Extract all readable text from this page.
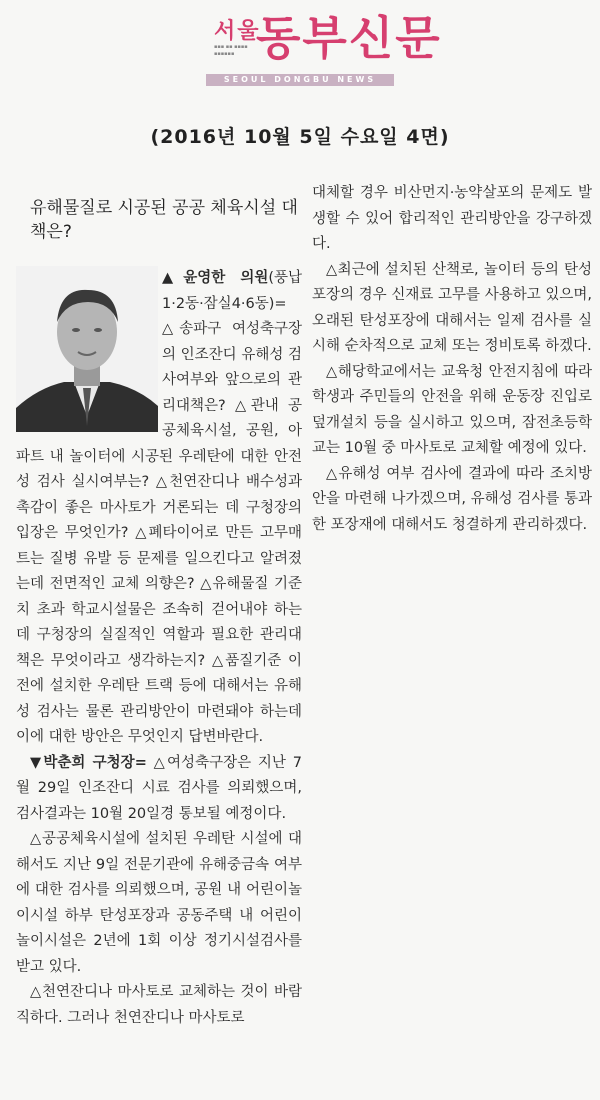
서울
동부신문
▪▪▪ ▪▪ ▪▪▪▪
▪▪▪▪▪▪
SEOUL DONGBU NEWS
(2016년 10월 5일 수요일 4면)
유해물질로 시공된 공공 체육시설 대책은?

▲윤영한 의원(풍납1·2동·잠실4·6동)= △송파구 여성축구장의 인조잔디 유해성 검사여부와 앞으로의 관리대책은? △관내 공공체육시설, 공원, 아파트 내 놀이터에 시공된 우레탄에 대한 안전성 검사 실시여부는? △천연잔디나 배수성과 촉감이 좋은 마사토가 거론되는 데 구청장의 입장은 무엇인가? △폐타이어로 만든 고무매트는 질병 유발 등 문제를 일으킨다고 알려졌는데 전면적인 교체 의향은? △유해물질 기준치 초과 학교시설물은 조속히 걷어내야 하는데 구청장의 실질적인 역할과 필요한 관리대책은 무엇이라고 생각하는지? △품질기준 이전에 설치한 우레탄 트랙 등에 대해서는 유해성 검사는 물론 관리방안이 마련돼야 하는데 이에 대한 방안은 무엇인지 답변바란다.

▼박춘희 구청장= △여성축구장은 지난 7월 29일 인조잔디 시료 검사를 의뢰했으며, 검사결과는 10월 20일경 통보될 예정이다.

△공공체육시설에 설치된 우레탄 시설에 대해서도 지난 9일 전문기관에 유해중금속 여부에 대한 검사를 의뢰했으며, 공원 내 어린이놀이시설 하부 탄성포장과 공동주택 내 어린이놀이시설은 2년에 1회 이상 정기시설검사를 받고 있다.

△천연잔디나 마사토로 교체하는 것이 바람직하다. 그러나 천연잔디나 마사토로

대체할 경우 비산먼지·농약살포의 문제도 발생할 수 있어 합리적인 관리방안을 강구하겠다.

△최근에 설치된 산책로, 놀이터 등의 탄성포장의 경우 신재료 고무를 사용하고 있으며, 오래된 탄성포장에 대해서는 일제 검사를 실시해 순차적으로 교체 또는 정비토록 하겠다.

△해당학교에서는 교육청 안전지침에 따라 학생과 주민들의 안전을 위해 운동장 진입로 덮개설치 등을 실시하고 있으며, 잠전초등학교는 10월 중 마사토로 교체할 예정에 있다.

△유해성 여부 검사에 결과에 따라 조치방안을 마련해 나가겠으며, 유해성 검사를 통과한 포장재에 대해서도 청결하게 관리하겠다.
